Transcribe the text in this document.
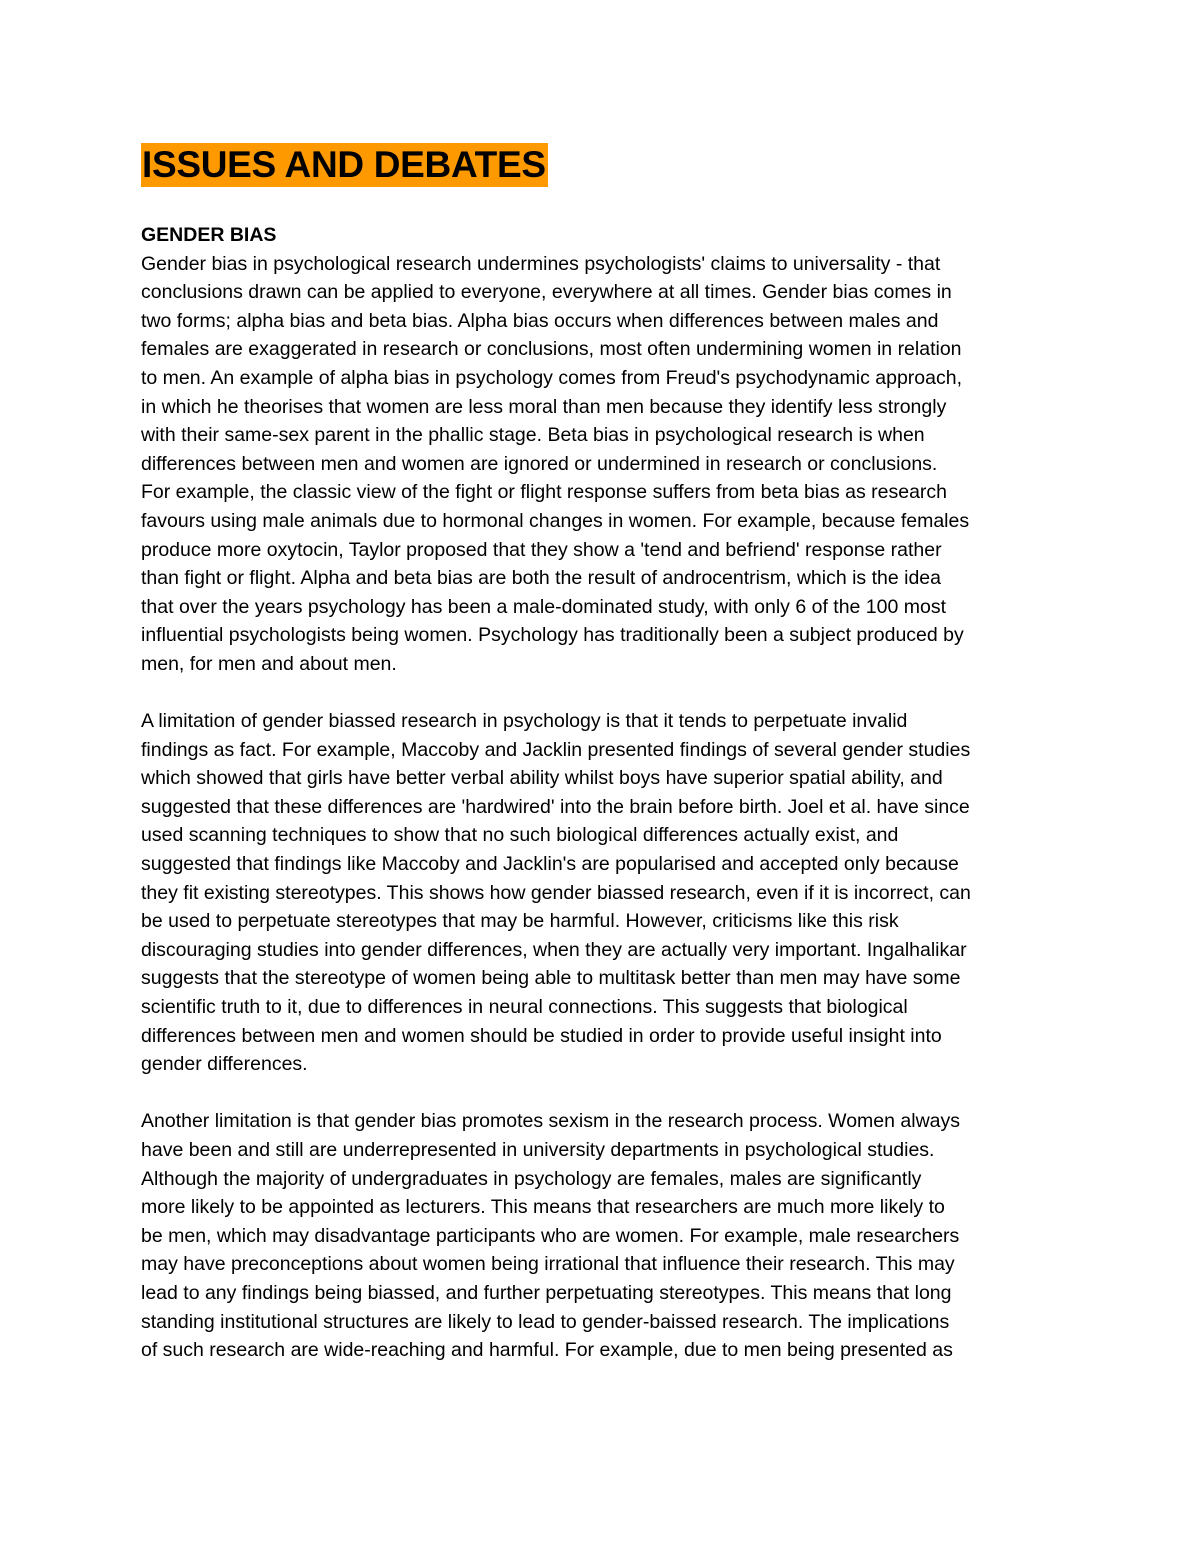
ISSUES AND DEBATES
GENDER BIAS
Gender bias in psychological research undermines psychologists' claims to universality - that
conclusions drawn can be applied to everyone, everywhere at all times. Gender bias comes in
two forms; alpha bias and beta bias. Alpha bias occurs when differences between males and
females are exaggerated in research or conclusions, most often undermining women in relation
to men. An example of alpha bias in psychology comes from Freud's psychodynamic approach,
in which he theorises that women are less moral than men because they identify less strongly
with their same-sex parent in the phallic stage. Beta bias in psychological research is when
differences between men and women are ignored or undermined in research or conclusions.
For example, the classic view of the fight or flight response suffers from beta bias as research
favours using male animals due to hormonal changes in women. For example, because females
produce more oxytocin, Taylor proposed that they show a 'tend and befriend' response rather
than fight or flight. Alpha and beta bias are both the result of androcentrism, which is the idea
that over the years psychology has been a male-dominated study, with only 6 of the 100 most
influential psychologists being women. Psychology has traditionally been a subject produced by
men, for men and about men.
A limitation of gender biassed research in psychology is that it tends to perpetuate invalid
findings as fact. For example, Maccoby and Jacklin presented findings of several gender studies
which showed that girls have better verbal ability whilst boys have superior spatial ability, and
suggested that these differences are 'hardwired' into the brain before birth. Joel et al. have since
used scanning techniques to show that no such biological differences actually exist, and
suggested that findings like Maccoby and Jacklin's are popularised and accepted only because
they fit existing stereotypes. This shows how gender biassed research, even if it is incorrect, can
be used to perpetuate stereotypes that may be harmful. However, criticisms like this risk
discouraging studies into gender differences, when they are actually very important. Ingalhalikar
suggests that the stereotype of women being able to multitask better than men may have some
scientific truth to it, due to differences in neural connections. This suggests that biological
differences between men and women should be studied in order to provide useful insight into
gender differences.
Another limitation is that gender bias promotes sexism in the research process. Women always
have been and still are underrepresented in university departments in psychological studies.
Although the majority of undergraduates in psychology are females, males are significantly
more likely to be appointed as lecturers. This means that researchers are much more likely to
be men, which may disadvantage participants who are women. For example, male researchers
may have preconceptions about women being irrational that influence their research. This may
lead to any findings being biassed, and further perpetuating stereotypes. This means that long
standing institutional structures are likely to lead to gender-baissed research. The implications
of such research are wide-reaching and harmful. For example, due to men being presented as
